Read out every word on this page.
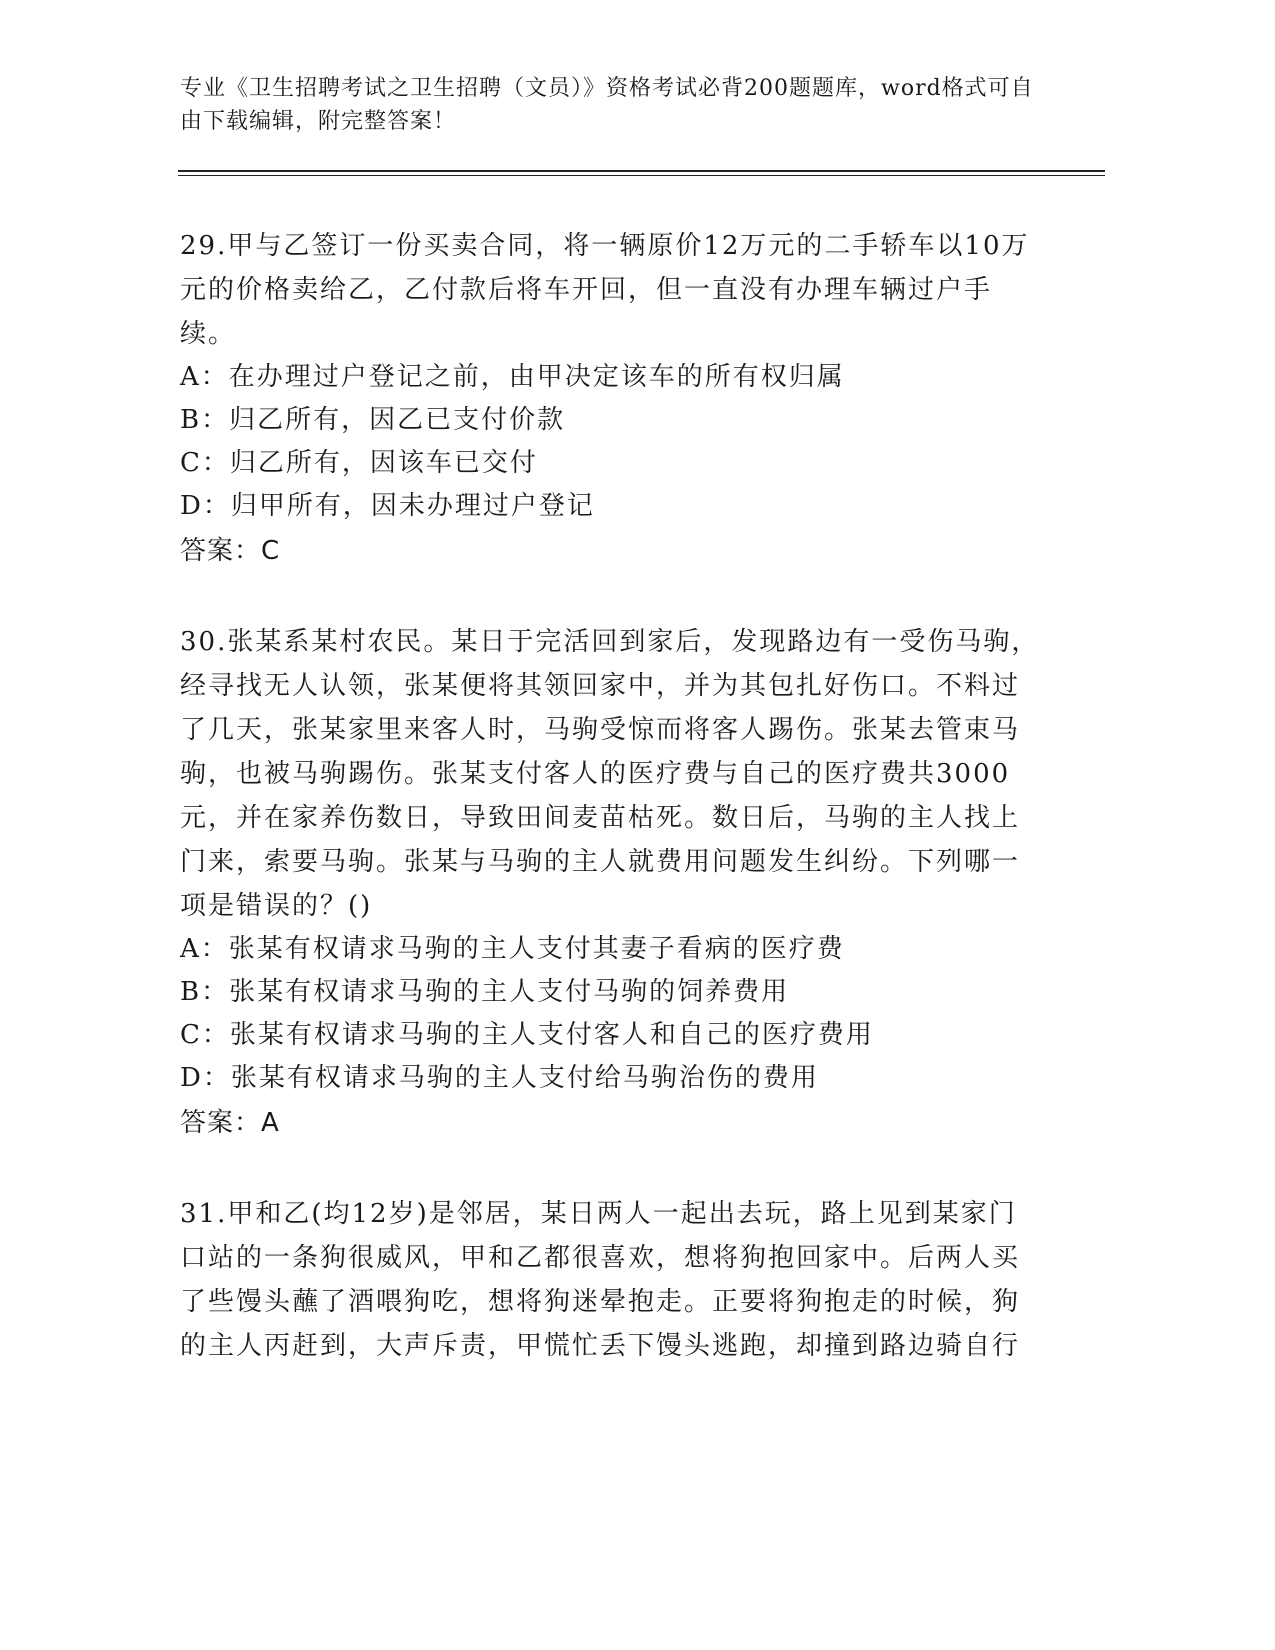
专业《卫生招聘考试之卫生招聘（文员）》资格考试必背200题题库，word格式可自由下载编辑，附完整答案！

29.甲与乙签订一份买卖合同，将一辆原价12万元的二手轿车以10万元的价格卖给乙，乙付款后将车开回，但一直没有办理车辆过户手续。

A：在办理过户登记之前，由甲决定该车的所有权归属
B：归乙所有，因乙已支付价款
C：归乙所有，因该车已交付
D：归甲所有，因未办理过户登记
答案：C

30.张某系某村农民。某日于完活回到家后，发现路边有一受伤马驹，经寻找无人认领，张某便将其领回家中，并为其包扎好伤口。不料过了几天，张某家里来客人时，马驹受惊而将客人踢伤。张某去管束马驹，也被马驹踢伤。张某支付客人的医疗费与自己的医疗费共3000元，并在家养伤数日，导致田间麦苗枯死。数日后，马驹的主人找上门来，索要马驹。张某与马驹的主人就费用问题发生纠纷。下列哪一项是错误的？()

A：张某有权请求马驹的主人支付其妻子看病的医疗费
B：张某有权请求马驹的主人支付马驹的饲养费用
C：张某有权请求马驹的主人支付客人和自己的医疗费用
D：张某有权请求马驹的主人支付给马驹治伤的费用
答案：A

31.甲和乙(均12岁)是邻居，某日两人一起出去玩，路上见到某家门口站的一条狗很威风，甲和乙都很喜欢，想将狗抱回家中。后两人买了些馒头蘸了酒喂狗吃，想将狗迷晕抱走。正要将狗抱走的时候，狗的主人丙赶到，大声斥责，甲慌忙丢下馒头逃跑，却撞到路边骑自行
